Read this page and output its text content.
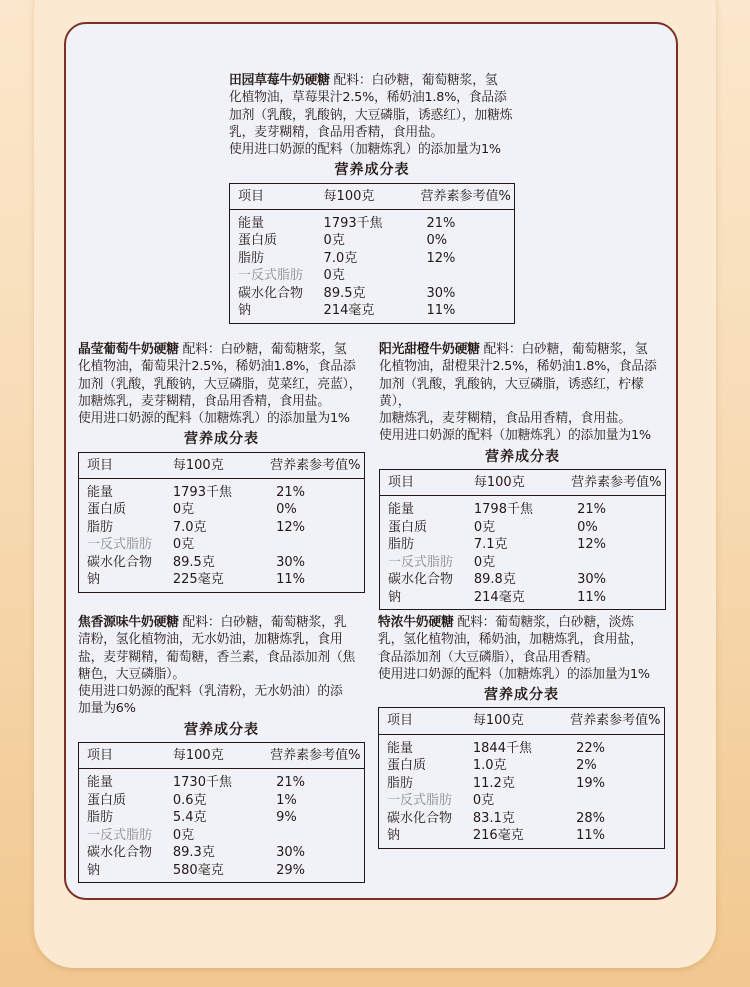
田园草莓牛奶硬糖 配料：白砂糖，葡萄糖浆，氢
化植物油，草莓果汁2.5%，稀奶油1.8%，食品添
加剂（乳酸，乳酸钠，大豆磷脂，诱惑红），加糖炼
乳，麦芽糊精，食品用香精，食用盐。
使用进口奶源的配料（加糖炼乳）的添加量为1%
营养成分表
项目	每100克	营养素参考值%
能量	1793千焦	21%
蛋白质	0克	0%
脂肪	7.0克	12%
一反式脂肪	0克	
碳水化合物	89.5克	30%
钠	214毫克	11%
晶莹葡萄牛奶硬糖 配料：白砂糖，葡萄糖浆，氢
化植物油，葡萄果汁2.5%，稀奶油1.8%，食品添
加剂（乳酸，乳酸钠，大豆磷脂，苋菜红，亮蓝），
加糖炼乳，麦芽糊精，食品用香精，食用盐。
使用进口奶源的配料（加糖炼乳）的添加量为1%
营养成分表
项目	每100克	营养素参考值%
能量	1793千焦	21%
蛋白质	0克	0%
脂肪	7.0克	12%
一反式脂肪	0克	
碳水化合物	89.5克	30%
钠	225毫克	11%
阳光甜橙牛奶硬糖 配料：白砂糖，葡萄糖浆，氢
化植物油，甜橙果汁2.5%，稀奶油1.8%，食品添
加剂（乳酸，乳酸钠，大豆磷脂，诱惑红，柠檬黄），
加糖炼乳，麦芽糊精，食品用香精，食用盐。
使用进口奶源的配料（加糖炼乳）的添加量为1%
营养成分表
项目	每100克	营养素参考值%
能量	1798千焦	21%
蛋白质	0克	0%
脂肪	7.1克	12%
一反式脂肪	0克	
碳水化合物	89.8克	30%
钠	214毫克	11%
焦香源味牛奶硬糖 配料：白砂糖，葡萄糖浆，乳
清粉，氢化植物油，无水奶油，加糖炼乳，食用
盐，麦芽糊精，葡萄糖，香兰素，食品添加剂（焦
糖色，大豆磷脂）。
使用进口奶源的配料（乳清粉，无水奶油）的添
加量为6%
营养成分表
项目	每100克	营养素参考值%
能量	1730千焦	21%
蛋白质	0.6克	1%
脂肪	5.4克	9%
一反式脂肪	0克	
碳水化合物	89.3克	30%
钠	580毫克	29%
特浓牛奶硬糖 配料：葡萄糖浆，白砂糖，淡炼
乳，氢化植物油，稀奶油，加糖炼乳，食用盐，
食品添加剂（大豆磷脂），食品用香精。
使用进口奶源的配料（加糖炼乳）的添加量为1%
营养成分表
项目	每100克	营养素参考值%
能量	1844千焦	22%
蛋白质	1.0克	2%
脂肪	11.2克	19%
一反式脂肪	0克	
碳水化合物	83.1克	28%
钠	216毫克	11%
